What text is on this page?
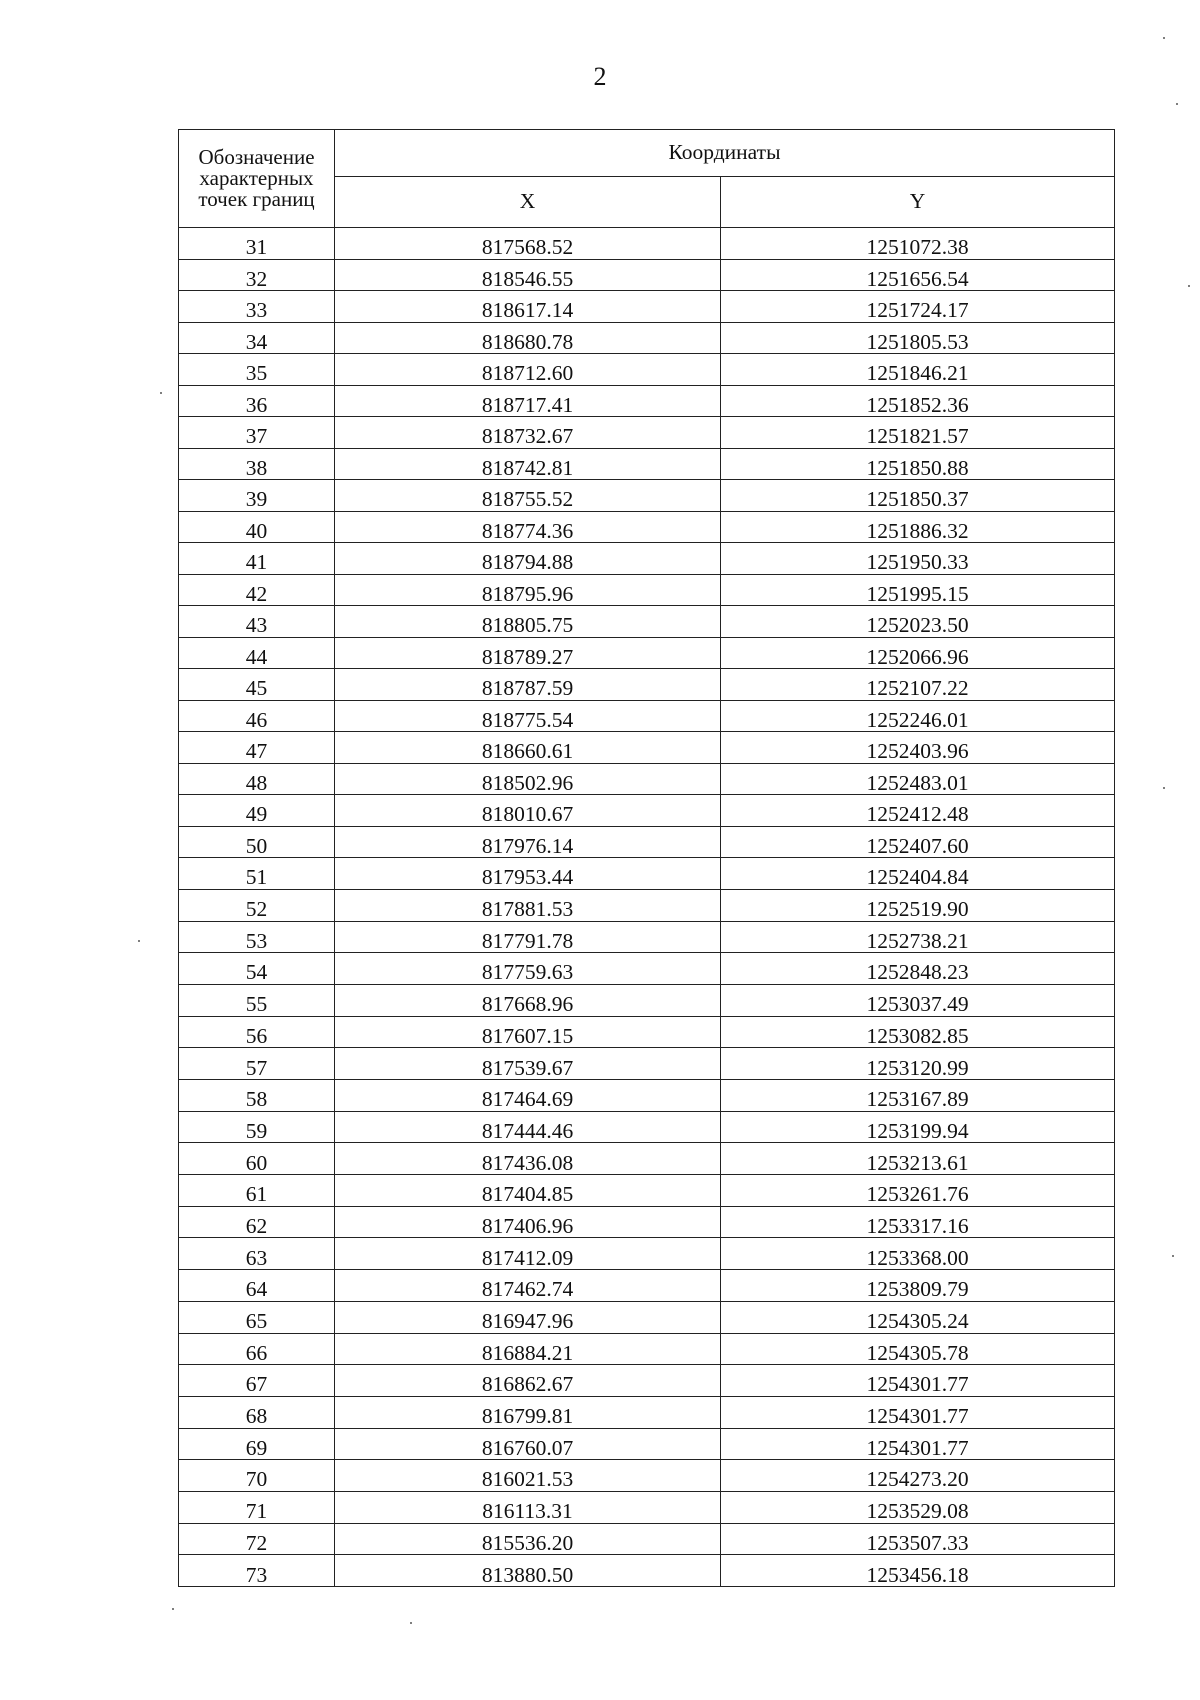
2
Обозначение характерных точек границ	Координаты	
	X	Y
31	817568.52	1251072.38
32	818546.55	1251656.54
33	818617.14	1251724.17
34	818680.78	1251805.53
35	818712.60	1251846.21
36	818717.41	1251852.36
37	818732.67	1251821.57
38	818742.81	1251850.88
39	818755.52	1251850.37
40	818774.36	1251886.32
41	818794.88	1251950.33
42	818795.96	1251995.15
43	818805.75	1252023.50
44	818789.27	1252066.96
45	818787.59	1252107.22
46	818775.54	1252246.01
47	818660.61	1252403.96
48	818502.96	1252483.01
49	818010.67	1252412.48
50	817976.14	1252407.60
51	817953.44	1252404.84
52	817881.53	1252519.90
53	817791.78	1252738.21
54	817759.63	1252848.23
55	817668.96	1253037.49
56	817607.15	1253082.85
57	817539.67	1253120.99
58	817464.69	1253167.89
59	817444.46	1253199.94
60	817436.08	1253213.61
61	817404.85	1253261.76
62	817406.96	1253317.16
63	817412.09	1253368.00
64	817462.74	1253809.79
65	816947.96	1254305.24
66	816884.21	1254305.78
67	816862.67	1254301.77
68	816799.81	1254301.77
69	816760.07	1254301.77
70	816021.53	1254273.20
71	816113.31	1253529.08
72	815536.20	1253507.33
73	813880.50	1253456.18
